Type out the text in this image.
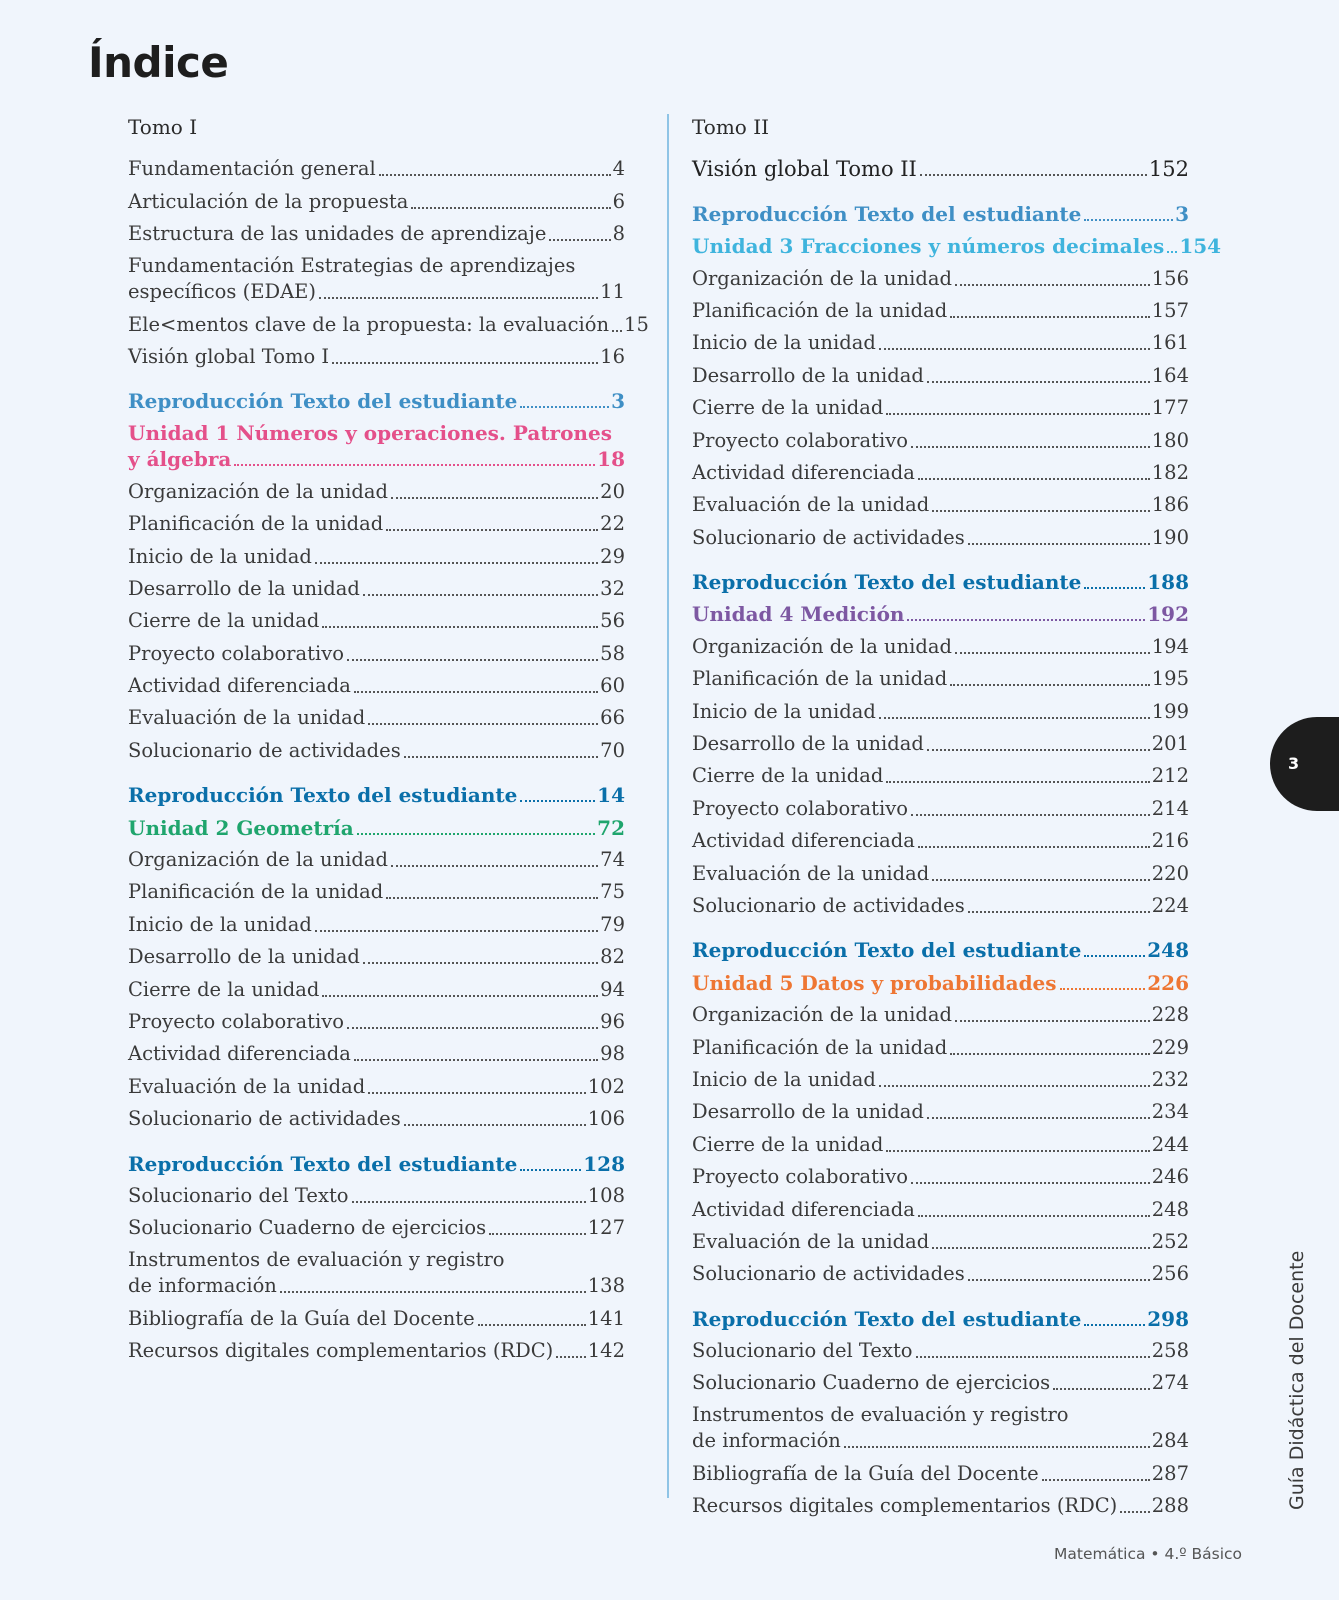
Índice
Tomo I
Fundamentación general	4
Articulación de la propuesta	6
Estructura de las unidades de aprendizaje	8
Fundamentación Estrategias de aprendizajes
específicos (EDAE)	11
Ele<mentos clave de la propuesta: la evaluación 15
Visión global Tomo I	16
Reproducción Texto del estudiante	3
Unidad 1 Números y operaciones. Patrones
y álgebra	18
Organización de la unidad	20
Planificación de la unidad	22
Inicio de la unidad	29
Desarrollo de la unidad	32
Cierre de la unidad	56
Proyecto colaborativo	58
Actividad diferenciada	60
Evaluación de la unidad	66
Solucionario de actividades	70
Reproducción Texto del estudiante	14
Unidad 2 Geometría	72
Organización de la unidad	74
Planificación de la unidad	75
Inicio de la unidad	79
Desarrollo de la unidad	82
Cierre de la unidad	94
Proyecto colaborativo	96
Actividad diferenciada	98
Evaluación de la unidad	102
Solucionario de actividades	106
Reproducción Texto del estudiante	128
Solucionario del Texto	108
Solucionario Cuaderno de ejercicios	127
Instrumentos de evaluación y registro
de información	138
Bibliografía de la Guía del Docente	141
Recursos digitales complementarios (RDC) 142
Tomo II
Visión global Tomo II	152
Reproducción Texto del estudiante	3
Unidad 3 Fracciones y números decimales 154
Organización de la unidad	156
Planificación de la unidad	157
Inicio de la unidad	161
Desarrollo de la unidad	164
Cierre de la unidad	177
Proyecto colaborativo	180
Actividad diferenciada	182
Evaluación de la unidad	186
Solucionario de actividades	190
Reproducción Texto del estudiante	188
Unidad 4 Medición	192
Organización de la unidad	194
Planificación de la unidad	195
Inicio de la unidad	199
Desarrollo de la unidad	201
Cierre de la unidad	212
Proyecto colaborativo	214
Actividad diferenciada	216
Evaluación de la unidad	220
Solucionario de actividades	224
Reproducción Texto del estudiante	248
Unidad 5 Datos y probabilidades	226
Organización de la unidad	228
Planificación de la unidad	229
Inicio de la unidad	232
Desarrollo de la unidad	234
Cierre de la unidad	244
Proyecto colaborativo	246
Actividad diferenciada	248
Evaluación de la unidad	252
Solucionario de actividades	256
Reproducción Texto del estudiante	298
Solucionario del Texto	258
Solucionario Cuaderno de ejercicios	274
Instrumentos de evaluación y registro
de información	284
Bibliografía de la Guía del Docente	287
Recursos digitales complementarios (RDC) 288
3
Guía Didáctica del Docente
Matemática • 4.º Básico
